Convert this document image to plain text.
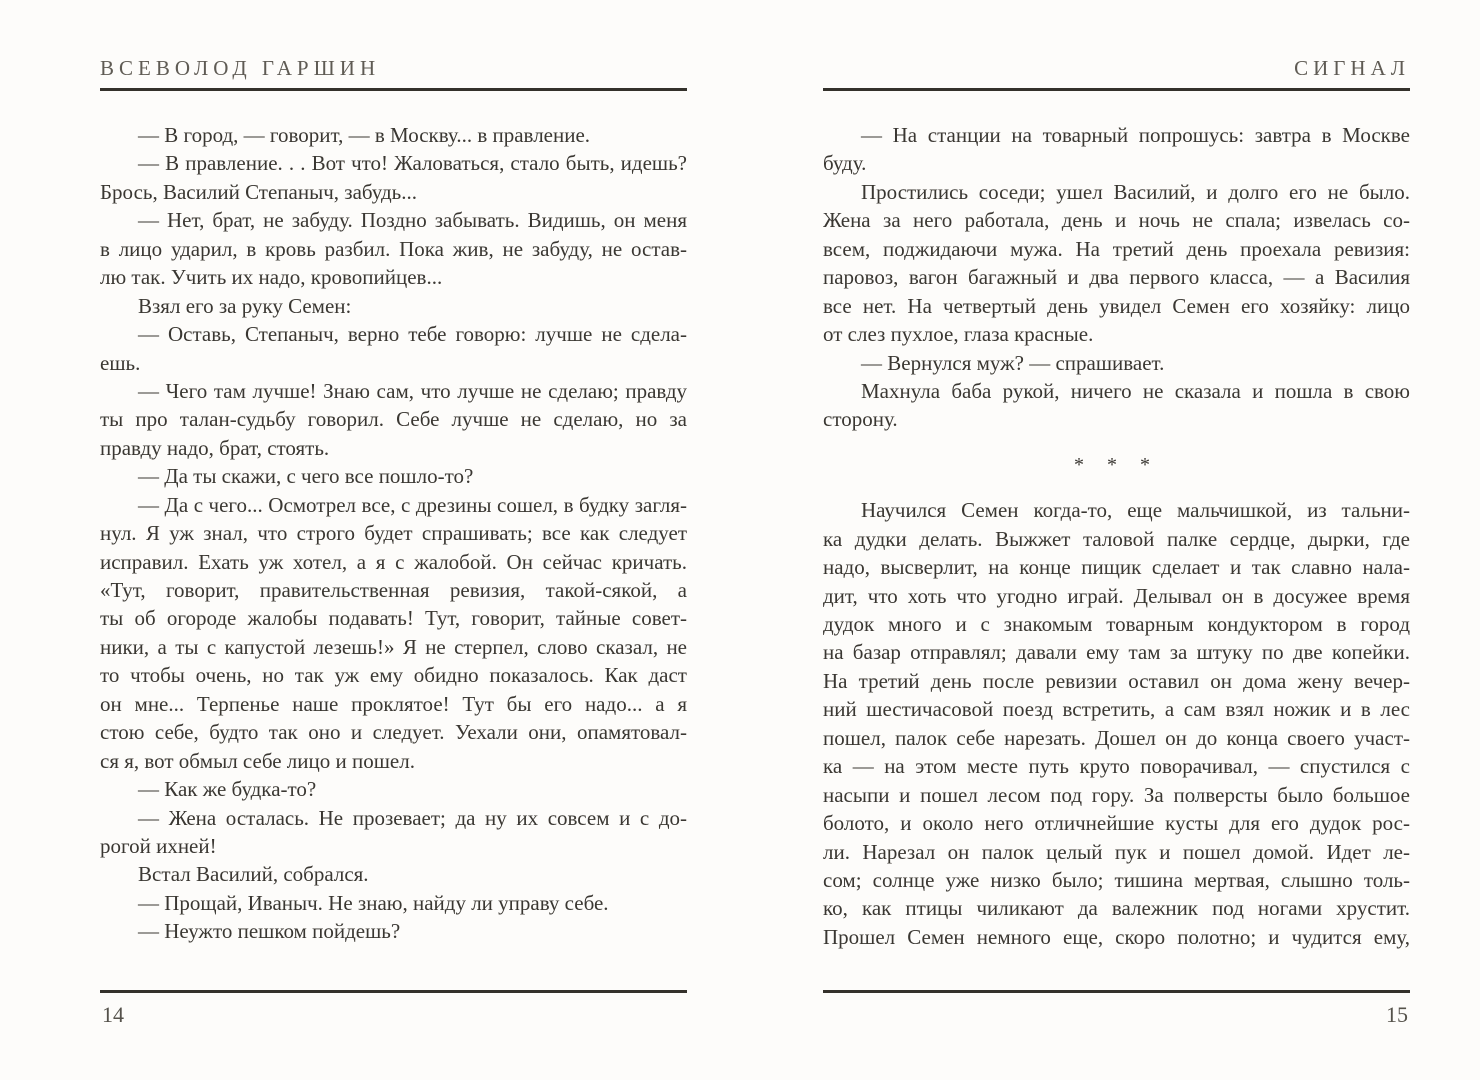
ВСЕВОЛОД ГАРШИН
— В город, — говорит, — в Москву... в правление.
— В правление. . . Вот что! Жаловаться, стало быть, идешь?
Брось, Василий Степаныч, забудь...
— Нет, брат, не забуду. Поздно забывать. Видишь, он меня
в лицо ударил, в кровь разбил. Пока жив, не забуду, не остав-
лю так. Учить их надо, кровопийцев...
Взял его за руку Семен:
— Оставь, Степаныч, верно тебе говорю: лучше не сдела-
ешь.
— Чего там лучше! Знаю сам, что лучше не сделаю; правду
ты про талан-судьбу говорил. Себе лучше не сделаю, но за
правду надо, брат, стоять.
— Да ты скажи, с чего все пошло-то?
— Да с чего... Осмотрел все, с дрезины сошел, в будку загля-
нул. Я уж знал, что строго будет спрашивать; все как следует
исправил. Ехать уж хотел, а я с жалобой. Он сейчас кричать.
«Тут, говорит, правительственная ревизия, такой-сякой, а
ты об огороде жалобы подавать! Тут, говорит, тайные совет-
ники, а ты с капустой лезешь!» Я не стерпел, слово сказал, не
то чтобы очень, но так уж ему обидно показалось. Как даст
он мне... Терпенье наше проклятое! Тут бы его надо... а я
стою себе, будто так оно и следует. Уехали они, опамятовал-
ся я, вот обмыл себе лицо и пошел.
— Как же будка-то?
— Жена осталась. Не прозевает; да ну их совсем и с до-
рогой ихней!
Встал Василий, собрался.
— Прощай, Иваныч. Не знаю, найду ли управу себе.
— Неужто пешком пойдешь?
14
СИГНАЛ
— На станции на товарный попрошусь: завтра в Москве
буду.
Простились соседи; ушел Василий, и долго его не было.
Жена за него работала, день и ночь не спала; извелась со-
всем, поджидаючи мужа. На третий день проехала ревизия:
паровоз, вагон багажный и два первого класса, — а Василия
все нет. На четвертый день увидел Семен его хозяйку: лицо
от слез пухлое, глаза красные.
— Вернулся муж? — спрашивает.
Махнула баба рукой, ничего не сказала и пошла в свою
сторону.
* * *
Научился Семен когда-то, еще мальчишкой, из тальни-
ка дудки делать. Выжжет таловой палке сердце, дырки, где
надо, высверлит, на конце пищик сделает и так славно нала-
дит, что хоть что угодно играй. Делывал он в досужее время
дудок много и с знакомым товарным кондуктором в город
на базар отправлял; давали ему там за штуку по две копейки.
На третий день после ревизии оставил он дома жену вечер-
ний шестичасовой поезд встретить, а сам взял ножик и в лес
пошел, палок себе нарезать. Дошел он до конца своего участ-
ка — на этом месте путь круто поворачивал, — спустился с
насыпи и пошел лесом под гору. За полверсты было большое
болото, и около него отличнейшие кусты для его дудок рос-
ли. Нарезал он палок целый пук и пошел домой. Идет ле-
сом; солнце уже низко было; тишина мертвая, слышно толь-
ко, как птицы чиликают да валежник под ногами хрустит.
Прошел Семен немного еще, скоро полотно; и чудится ему,
15
